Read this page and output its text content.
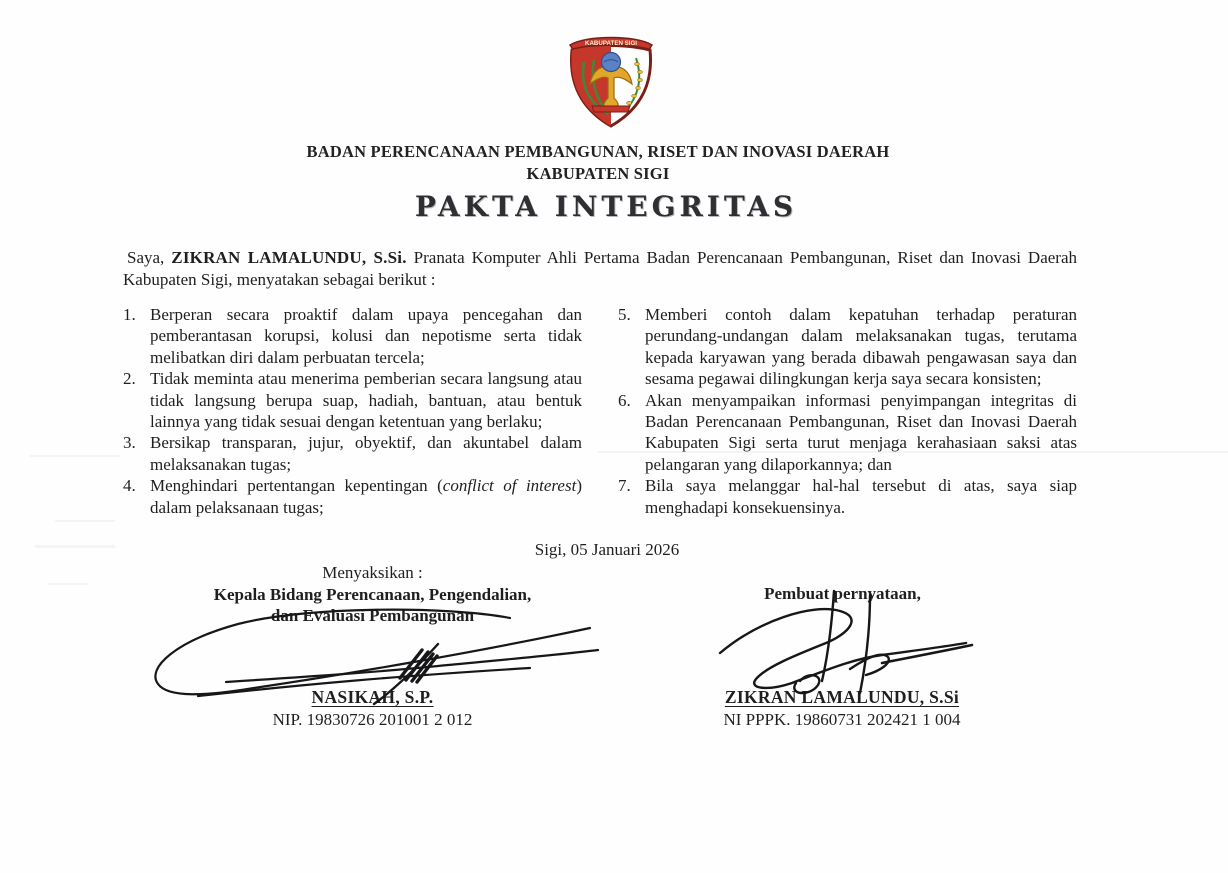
KABUPATEN SIGI
BADAN PERENCANAAN PEMBANGUNAN, RISET DAN INOVASI DAERAH
KABUPATEN SIGI
PAKTA INTEGRITAS
Saya, ZIKRAN LAMALUNDU, S.Si. Pranata Komputer Ahli Pertama Badan Perencanaan Pembangunan, Riset dan Inovasi Daerah Kabupaten Sigi, menyatakan sebagai berikut :
1. Berperan secara proaktif dalam upaya pencegahan dan pemberantasan korupsi, kolusi dan nepotisme serta tidak melibatkan diri dalam perbuatan tercela;
2. Tidak meminta atau menerima pemberian secara langsung atau tidak langsung berupa suap, hadiah, bantuan, atau bentuk lainnya yang tidak sesuai dengan ketentuan yang berlaku;
3. Bersikap transparan, jujur, obyektif, dan akuntabel dalam melaksanakan tugas;
4. Menghindari pertentangan kepentingan (conflict of interest) dalam pelaksanaan tugas;
5. Memberi contoh dalam kepatuhan terhadap peraturan perundang-undangan dalam melaksanakan tugas, terutama kepada karyawan yang berada dibawah pengawasan saya dan sesama pegawai dilingkungan kerja saya secara konsisten;
6. Akan menyampaikan informasi penyimpangan integritas di Badan Perencanaan Pembangunan, Riset dan Inovasi Daerah Kabupaten Sigi serta turut menjaga kerahasiaan saksi atas pelangaran yang dilaporkannya; dan
7. Bila saya melanggar hal-hal tersebut di atas, saya siap menghadapi konsekuensinya.
Sigi, 05 Januari 2026
Menyaksikan :
Kepala Bidang Perencanaan, Pengendalian,
dan Evaluasi Pembangunan
NASIKAH, S.P.
NIP. 19830726 201001 2 012
Pembuat pernyataan,
ZIKRAN LAMALUNDU, S.Si
NI PPPK. 19860731 202421 1 004
